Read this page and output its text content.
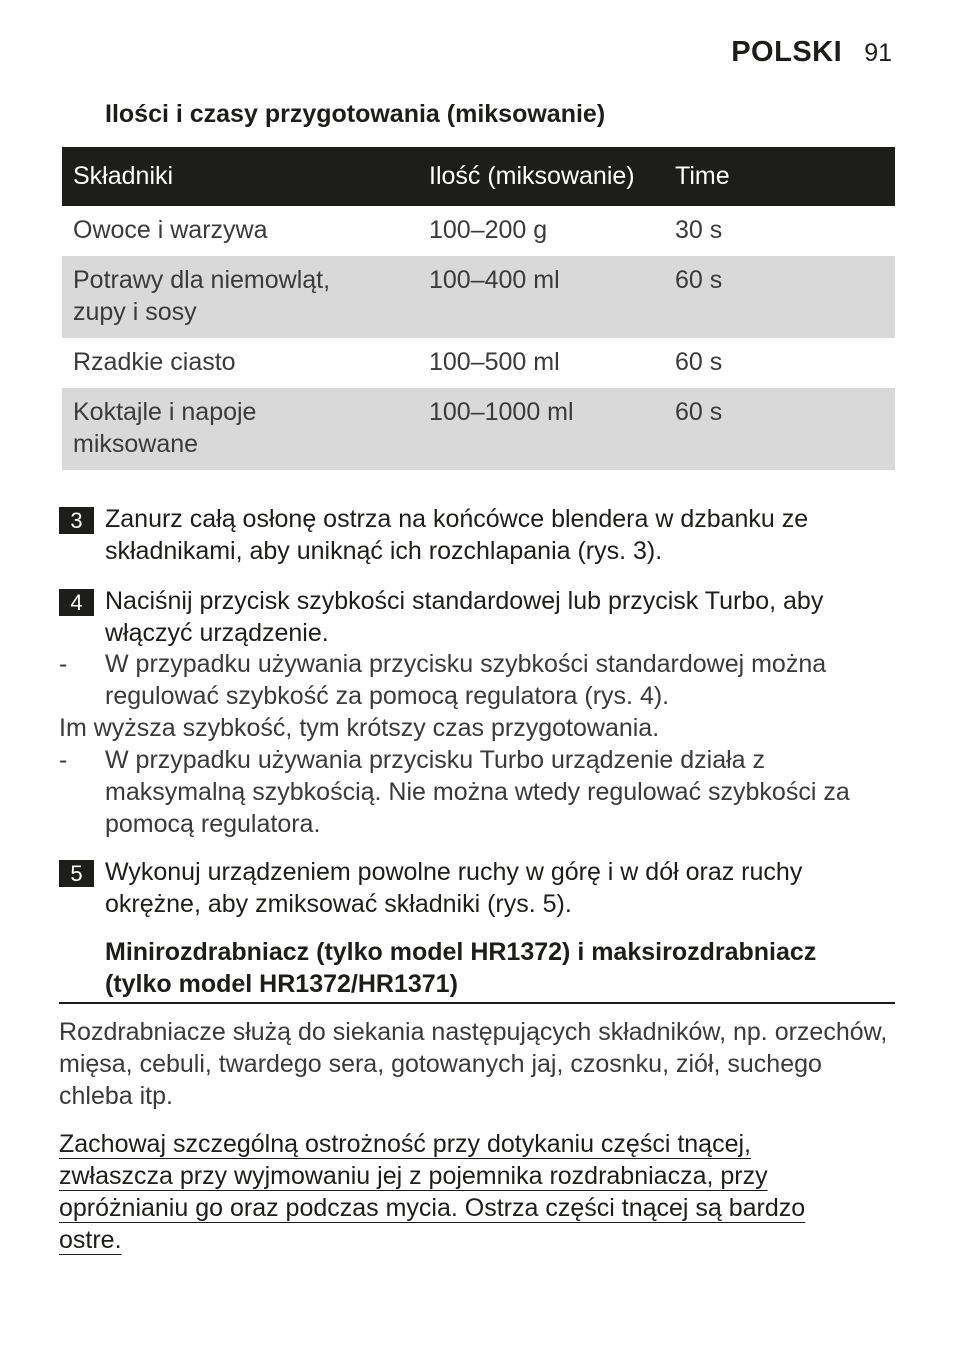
POLSKI 91
Ilości i czasy przygotowania (miksowanie)
Składniki	Ilość (miksowanie)	Time
Owoce i warzywa	100–200 g	30 s
Potrawy dla niemowląt, zupy i sosy	100–400 ml	60 s
Rzadkie ciasto	100–500 ml	60 s
Koktajle i napoje miksowane	100–1000 ml	60 s
3 Zanurz całą osłonę ostrza na końcówce blendera w dzbanku ze składnikami, aby uniknąć ich rozchlapania (rys. 3).
4 Naciśnij przycisk szybkości standardowej lub przycisk Turbo, aby włączyć urządzenie.
- W przypadku używania przycisku szybkości standardowej można regulować szybkość za pomocą regulatora (rys. 4).
Im wyższa szybkość, tym krótszy czas przygotowania.
- W przypadku używania przycisku Turbo urządzenie działa z maksymalną szybkością. Nie można wtedy regulować szybkości za pomocą regulatora.
5 Wykonuj urządzeniem powolne ruchy w górę i w dół oraz ruchy okrężne, aby zmiksować składniki (rys. 5).
Minirozdrabniacz (tylko model HR1372) i maksirozdrabniacz (tylko model HR1372/HR1371)
Rozdrabniacze służą do siekania następujących składników, np. orzechów, mięsa, cebuli, twardego sera, gotowanych jaj, czosnku, ziół, suchego chleba itp.
Zachowaj szczególną ostrożność przy dotykaniu części tnącej, zwłaszcza przy wyjmowaniu jej z pojemnika rozdrabniacza, przy opróżnianiu go oraz podczas mycia. Ostrza części tnącej są bardzo ostre.
